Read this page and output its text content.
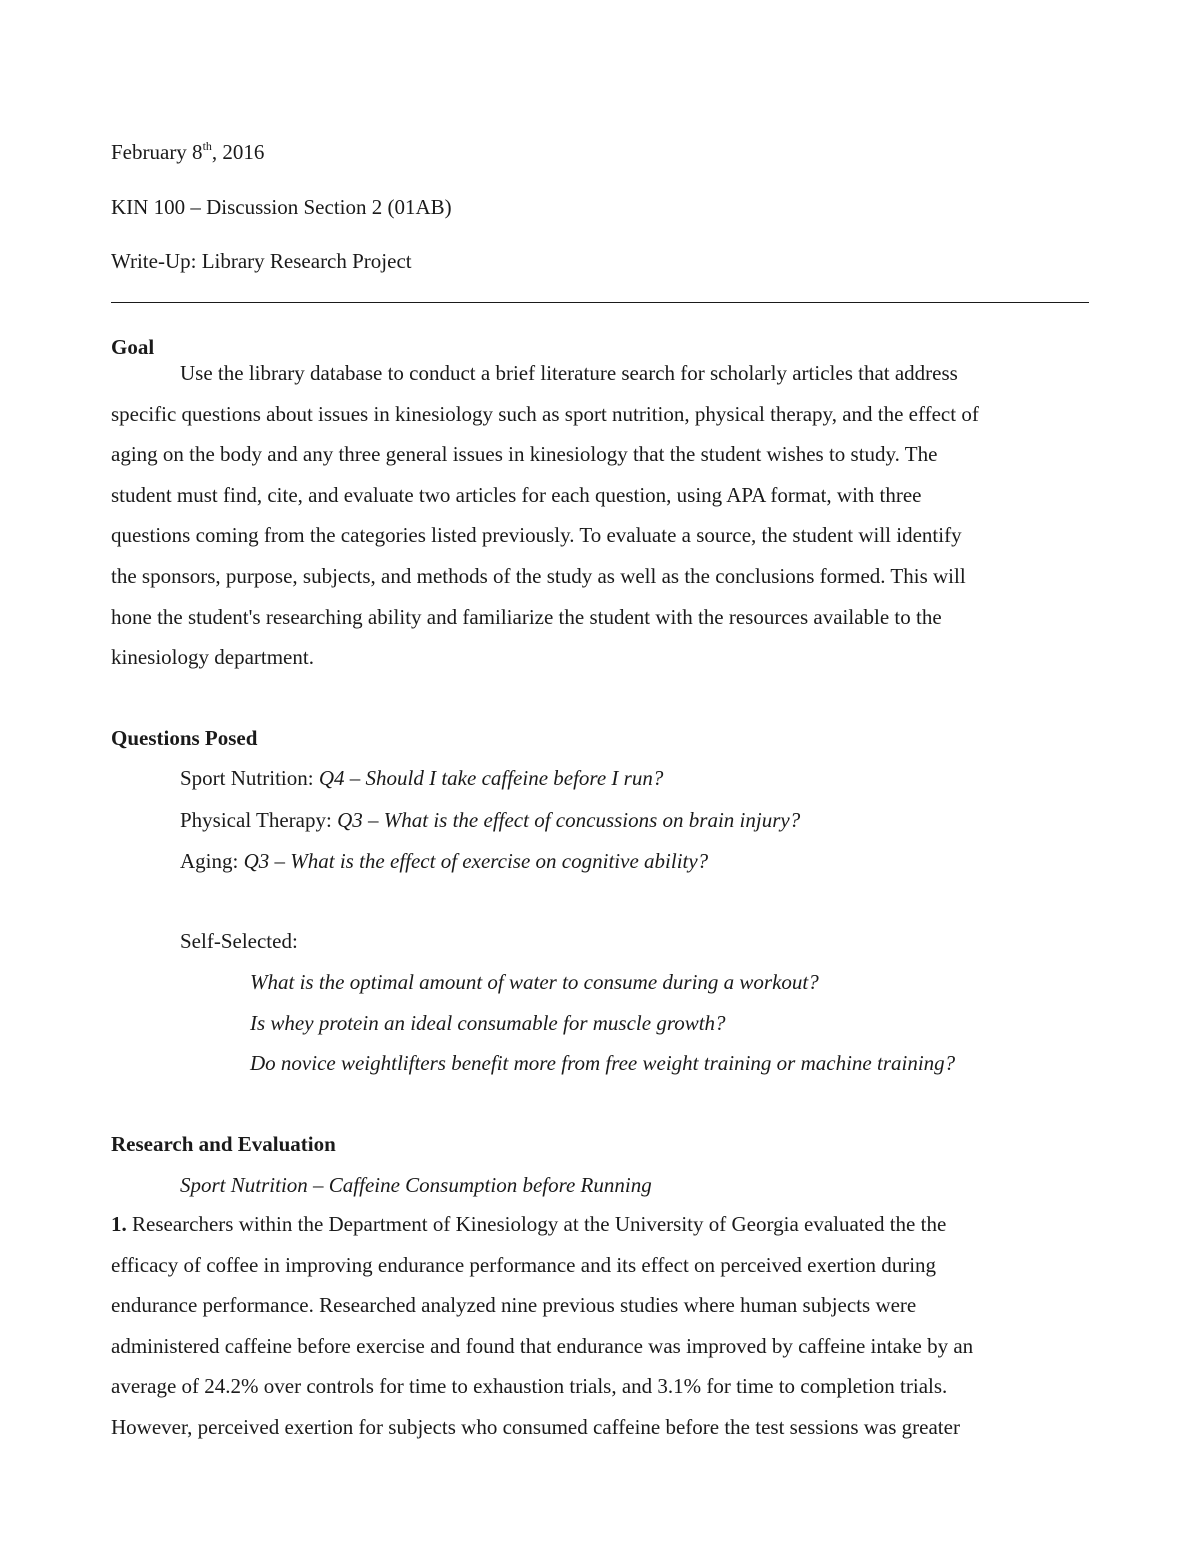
February 8th, 2016
KIN 100 – Discussion Section 2 (01AB)
Write-Up: Library Research Project
Goal

Use the library database to conduct a brief literature search for scholarly articles that address

specific questions about issues in kinesiology such as sport nutrition, physical therapy, and the effect of

aging on the body and any three general issues in kinesiology that the student wishes to study. The

student must find, cite, and evaluate two articles for each question, using APA format, with three

questions coming from the categories listed previously. To evaluate a source, the student will identify

the sponsors, purpose, subjects, and methods of the study as well as the conclusions formed. This will

hone the student's researching ability and familiarize the student with the resources available to the

kinesiology department.

Questions Posed
Sport Nutrition: Q4 – Should I take caffeine before I run?
Physical Therapy: Q3 – What is the effect of concussions on brain injury?
Aging: Q3 – What is the effect of exercise on cognitive ability?
Self-Selected:
What is the optimal amount of water to consume during a workout?
Is whey protein an ideal consumable for muscle growth?
Do novice weightlifters benefit more from free weight training or machine training?
Research and Evaluation
Sport Nutrition – Caffeine Consumption before Running

1. Researchers within the Department of Kinesiology at the University of Georgia evaluated the the

efficacy of coffee in improving endurance performance and its effect on perceived exertion during

endurance performance. Researched analyzed nine previous studies where human subjects were

administered caffeine before exercise and found that endurance was improved by caffeine intake by an

average of 24.2% over controls for time to exhaustion trials, and 3.1% for time to completion trials.

However, perceived exertion for subjects who consumed caffeine before the test sessions was greater
